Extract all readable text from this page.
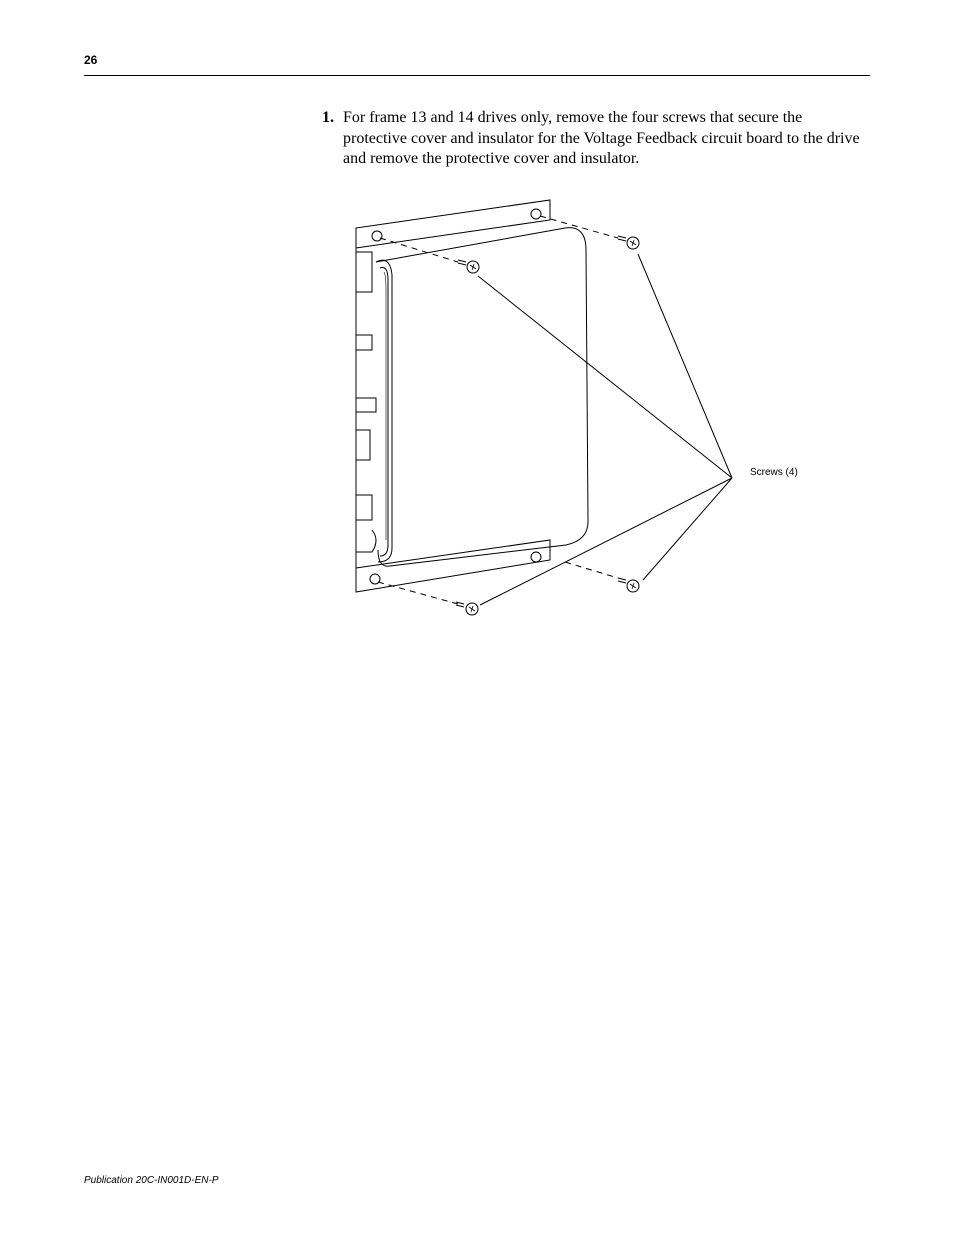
26
1. For frame 13 and 14 drives only, remove the four screws that secure the protective cover and insulator for the Voltage Feedback circuit board to the drive and remove the protective cover and insulator.
Screws (4)
Publication 20C-IN001D-EN-P
